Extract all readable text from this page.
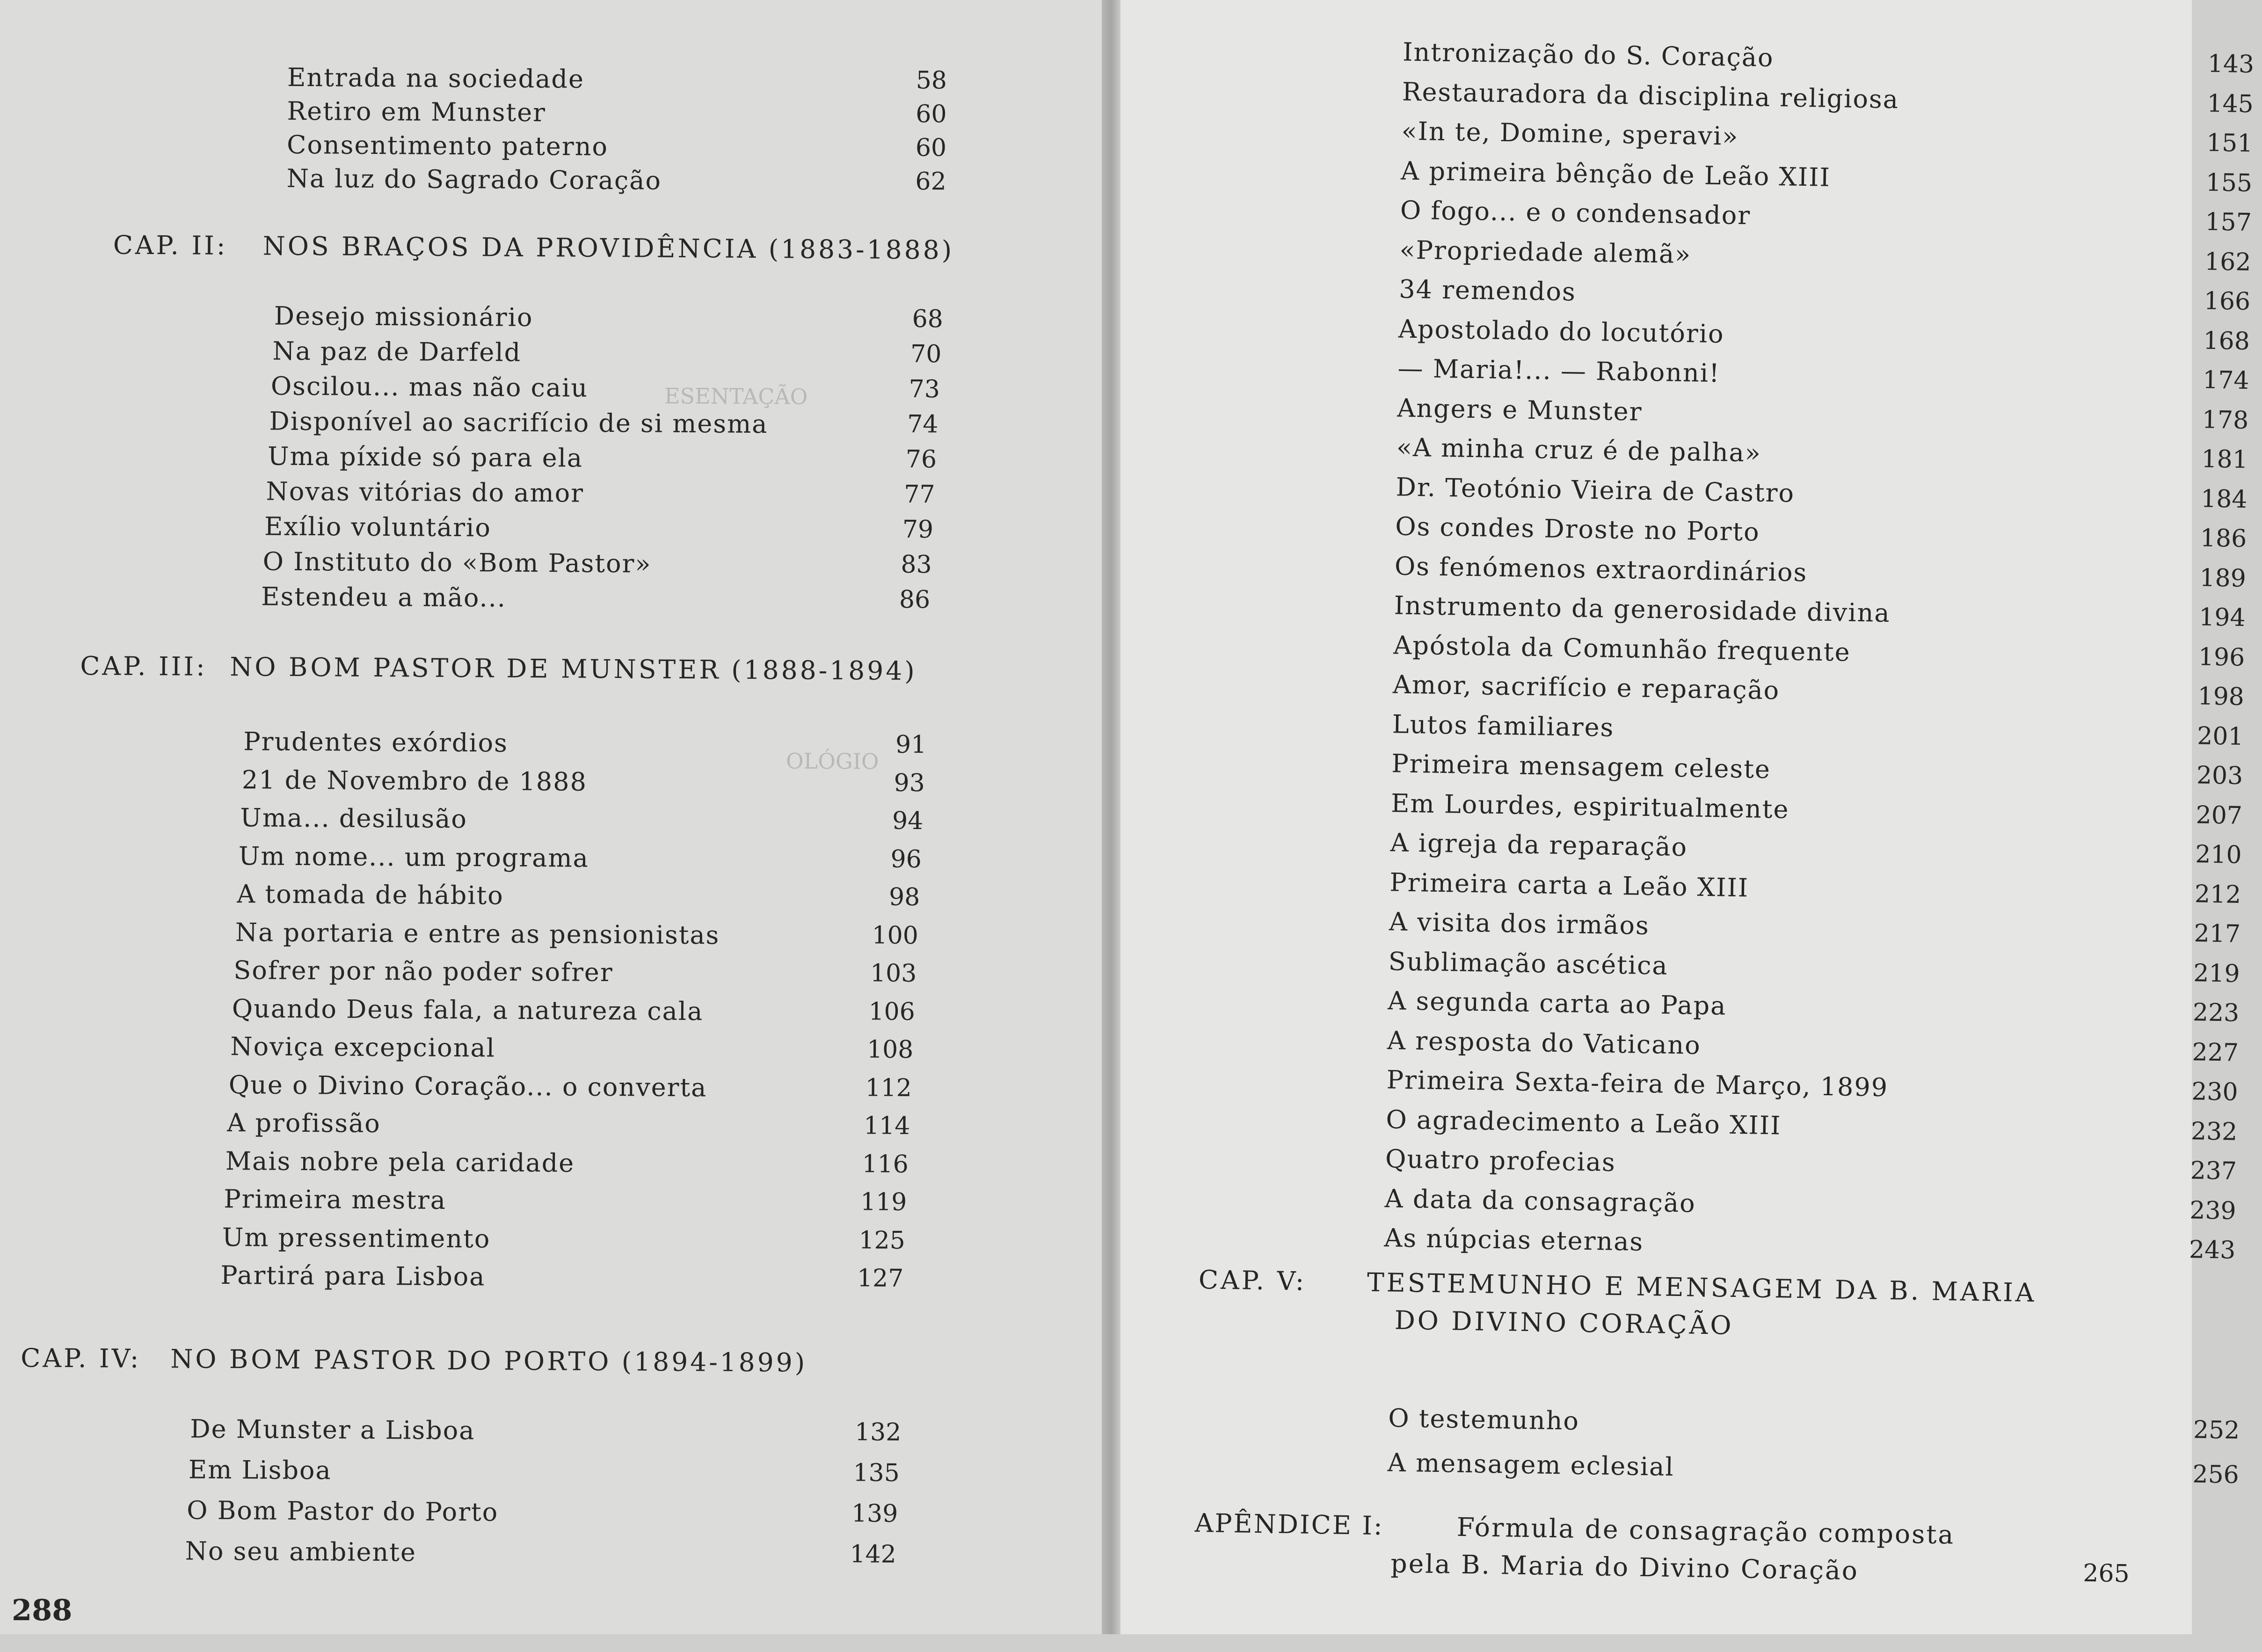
ESENTAÇÃO
OLÓGIO
Entrada na sociedade	58
Retiro em Munster	60
Consentimento paterno	60
Na luz do Sagrado Coração	62
CAP. II: NOS BRAÇOS DA PROVIDÊNCIA (1883-1888)
Desejo missionário	68
Na paz de Darfeld	70
Oscilou... mas não caiu	73
Disponível ao sacrifício de si mesma	74
Uma píxide só para ela	76
Novas vitórias do amor	77
Exílio voluntário	79
O Instituto do «Bom Pastor»	83
Estendeu a mão...	86
CAP. III: NO BOM PASTOR DE MUNSTER (1888-1894)
Prudentes exórdios	91
21 de Novembro de 1888	93
Uma... desilusão	94
Um nome... um programa	96
A tomada de hábito	98
Na portaria e entre as pensionistas	100
Sofrer por não poder sofrer	103
Quando Deus fala, a natureza cala	106
Noviça excepcional	108
Que o Divino Coração... o converta	112
A profissão	114
Mais nobre pela caridade	116
Primeira mestra	119
Um pressentimento	125
Partirá para Lisboa	127
CAP. IV: NO BOM PASTOR DO PORTO (1894-1899)
De Munster a Lisboa	132
Em Lisboa	135
O Bom Pastor do Porto	139
No seu ambiente	142
288
CAP. V: TESTEMUNHO E MENSAGEM DA B. MARIA
DO DIVINO CORAÇÃO
APÊNDICE I:	Fórmula de consagração composta
pela B. Maria do Divino Coração	265
Intronização do S. Coração	143
Restauradora da disciplina religiosa	145
«In te, Domine, speravi»	151
A primeira bênção de Leão XIII	155
O fogo... e o condensador	157
«Propriedade alemã»	162
34 remendos	166
Apostolado do locutório	168
— Maria!... — Rabonni!	174
Angers e Munster	178
«A minha cruz é de palha»	181
Dr. Teotónio Vieira de Castro	184
Os condes Droste no Porto	186
Os fenómenos extraordinários	189
Instrumento da generosidade divina	194
Apóstola da Comunhão frequente	196
Amor, sacrifício e reparação	198
Lutos familiares	201
Primeira mensagem celeste	203
Em Lourdes, espiritualmente	207
A igreja da reparação	210
Primeira carta a Leão XIII	212
A visita dos irmãos	217
Sublimação ascética	219
A segunda carta ao Papa	223
A resposta do Vaticano	227
Primeira Sexta-feira de Março, 1899	230
O agradecimento a Leão XIII	232
Quatro profecias	237
A data da consagração	239
As núpcias eternas	243
O testemunho	252
A mensagem eclesial	256
